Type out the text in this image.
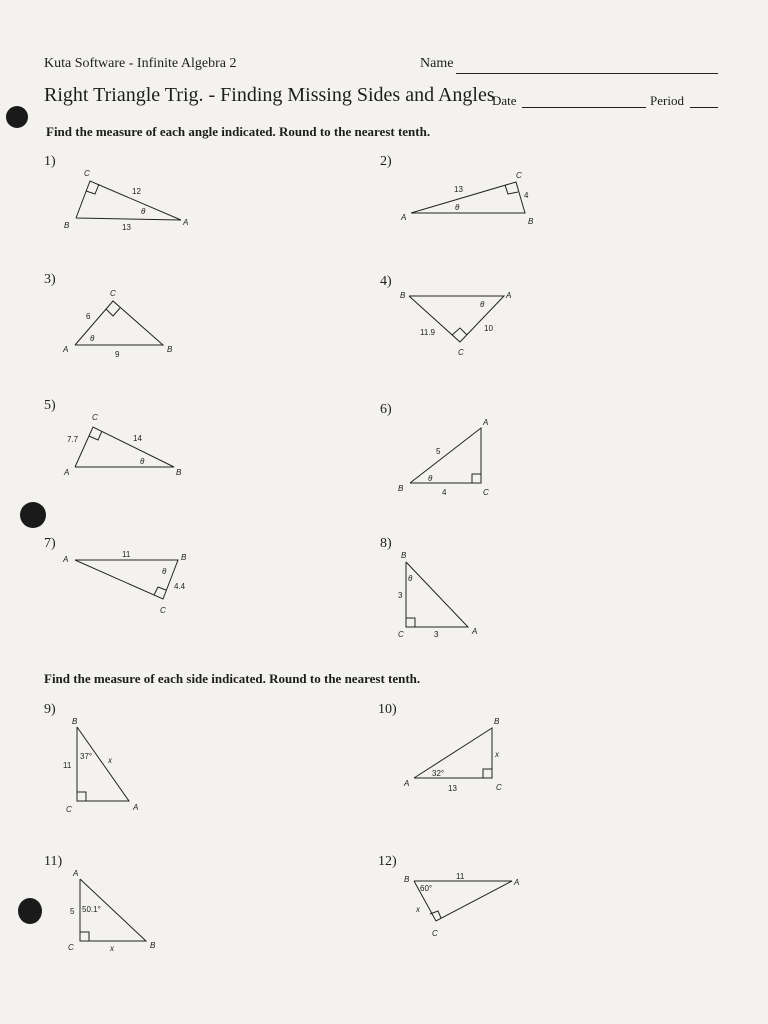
Kuta Software - Infinite Algebra 2	Name
Right Triangle Trig. - Finding Missing Sides and Angles
Date	Period
Find the measure of each angle indicated. Round to the nearest tenth.
Find the measure of each side indicated. Round to the nearest tenth.
1)	2)
3)	4)
5)	6)
7)	8)
9)	10)
11)	12)
C
B	A
12
13
θ
C
A	B
13
4
θ
C
A	B
6
9
θ
B	A
C
11.9	10
θ
C
A	B
7.7	14
θ
A
B	C
5
4
θ
A	B
C
11
4.4
θ
B
C	A
3
3
θ
B
C	A
11
37° x
B
A	C
32°
13
x
A
C	B
5 50.1°
x
B	A
C
11
60°
x
